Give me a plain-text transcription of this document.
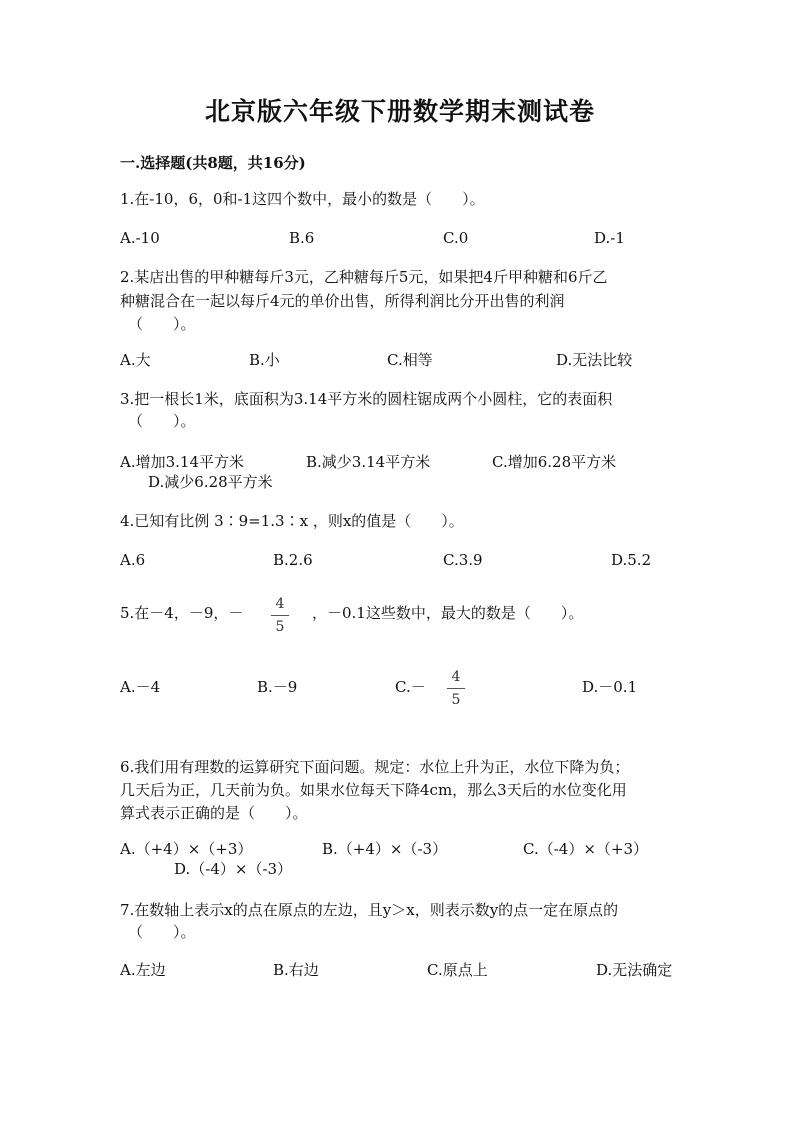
北京版六年级下册数学期末测试卷
一.选择题(共8题，共16分)
1.在-10，6，0和-1这四个数中，最小的数是（　　）。
A.-10	B.6	C.0	D.-1
2.某店出售的甲种糖每斤3元，乙种糖每斤5元，如果把4斤甲种糖和6斤乙
种糖混合在一起以每斤4元的单价出售，所得利润比分开出售的利润
（　　）。
A.大	B.小	C.相等	D.无法比较
3.把一根长1米，底面积为3.14平方米的圆柱锯成两个小圆柱，它的表面积
（　　）。
A.增加3.14平方米	B.减少3.14平方米	C.增加6.28平方米
D.减少6.28平方米
4.已知有比例 3∶9=1.3∶x ，则x的值是（　　）。
A.6	B.2.6	C.3.9	D.5.2
5.在－4，－9，－	4
5
，－0.1这些数中，最大的数是（　　）。
A.－4	B.－9	C.－
4
5
D.－0.1
6.我们用有理数的运算研究下面问题。规定：水位上升为正，水位下降为负；
几天后为正，几天前为负。如果水位每天下降4cm，那么3天后的水位变化用
算式表示正确的是（　　）。
A.（+4）×（+3）	B.（+4）×（-3）	C.（-4）×（+3）
D.（-4）×（-3）
7.在数轴上表示x的点在原点的左边，且y＞x，则表示数y的点一定在原点的
（　　）。
A.左边	B.右边	C.原点上	D.无法确定
